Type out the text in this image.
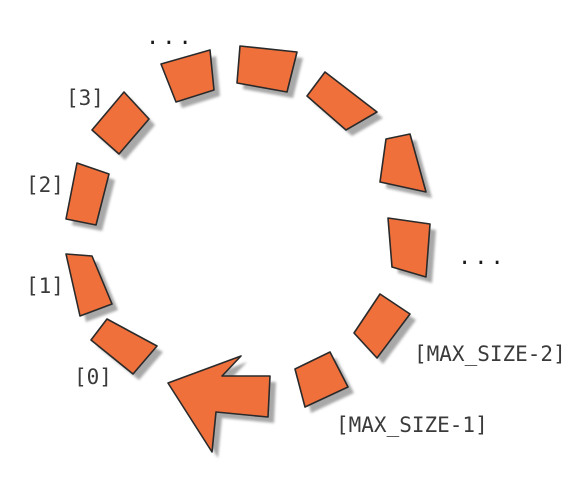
...
[3]
[2]
[1]
[0]
...
[MAX_SIZE-2]
[MAX_SIZE-1]
